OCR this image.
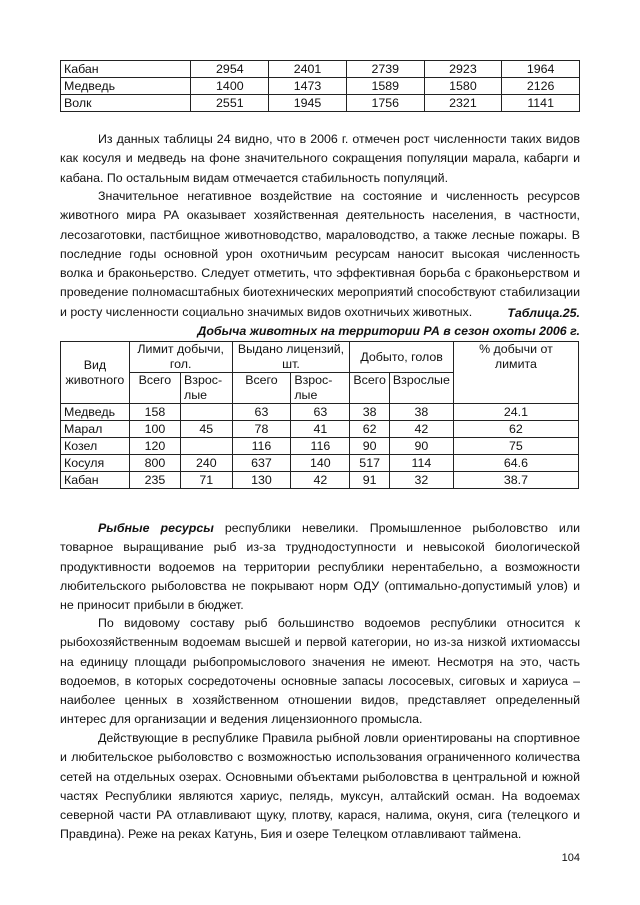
Кабан	2954	2401	2739	2923	1964
Медведь	1400	1473	1589	1580	2126
Волк	2551	1945	1756	2321	1141

Из данных таблицы 24 видно, что в 2006 г. отмечен рост численности таких видов как косуля и медведь на фоне значительного сокращения популяции марала, кабарги и кабана. По остальным видам отмечается стабильность популяций.

Значительное негативное воздействие на состояние и численность ресурсов животного мира РА оказывает хозяйственная деятельность населения, в частности, лесозаготовки, пастбищное животноводство, мараловодство, а также лесные пожары. В последние годы основной урон охотничьим ресурсам наносит высокая численность волка и браконьерство. Следует отметить, что эффективная борьба с браконьерством и проведение полномасштабных биотехнических мероприятий способствуют стабилизации и росту численности социально значимых видов охотничьих животных.	Таблица.25.

Добыча животных на территории РА в сезон охоты 2006 г.

Вид животного	Лимит добычи, гол.		Выдано лицензий, шт.		Добыто, голов		% добычи от лимита
	Всего	Взрос-лые	Всего	Взрос-лые	Всего	Взрослые	
Медведь	158		63	63	38	38	24.1
Марал	100	45	78	41	62	42	62
Козел	120		116	116	90	90	75
Косуля	800	240	637	140	517	114	64.6
Кабан	235	71	130	42	91	32	38.7

Рыбные ресурсы республики невелики. Промышленное рыболовство или товарное выращивание рыб из-за труднодоступности и невысокой биологической продуктивности водоемов на территории республики нерентабельно, а возможности любительского рыболовства не покрывают норм ОДУ (оптимально-допустимый улов) и не приносит прибыли в бюджет.

По видовому составу рыб большинство водоемов республики относится к рыбохозяйственным водоемам высшей и первой категории, но из-за низкой ихтиомассы на единицу площади рыбопромыслового значения не имеют. Несмотря на это, часть водоемов, в которых сосредоточены основные запасы лососевых, сиговых и хариуса – наиболее ценных в хозяйственном отношении видов, представляет определенный интерес для организации и ведения лицензионного промысла.

Действующие в республике Правила рыбной ловли ориентированы на спортивное и любительское рыболовство с возможностью использования ограниченного количества сетей на отдельных озерах. Основными объектами рыболовства в центральной и южной частях Республики являются хариус, пелядь, муксун, алтайский осман. На водоемах северной части РА отлавливают щуку, плотву, карася, налима, окуня, сига (телецкого и Правдина). Реже на реках Катунь, Бия и озере Телецком отлавливают таймена.

104
